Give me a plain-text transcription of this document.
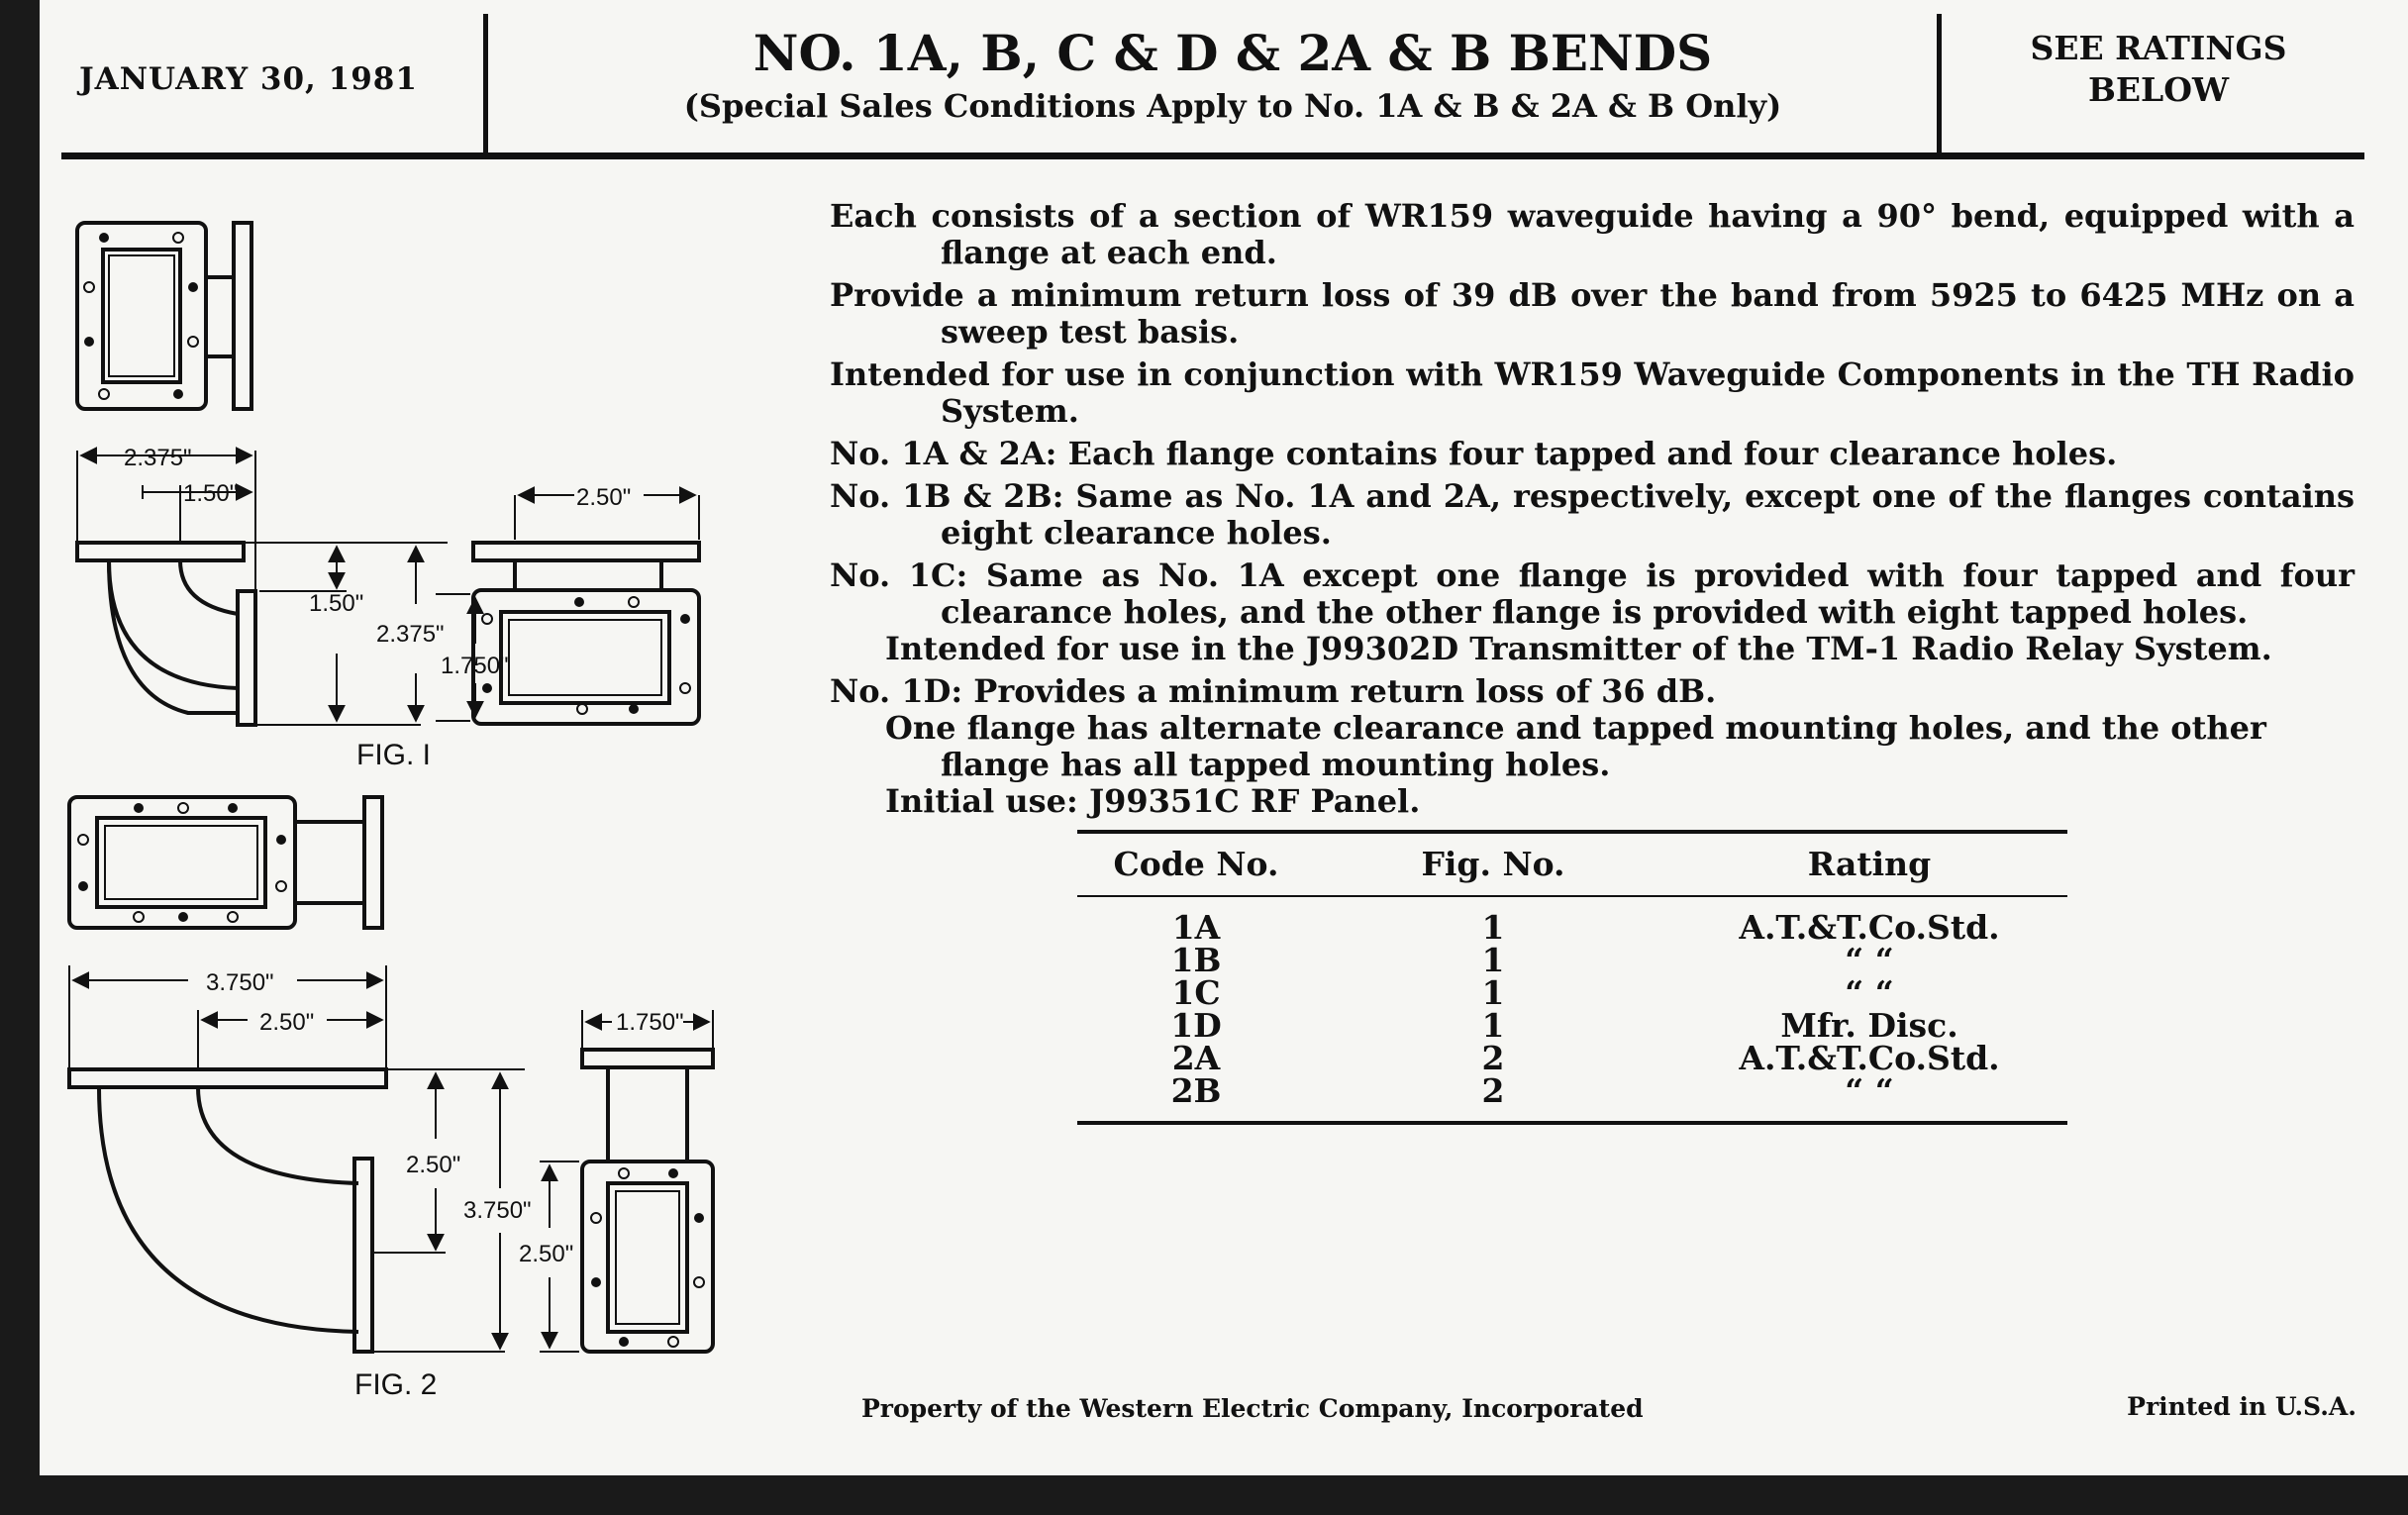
JANUARY 30, 1981	NO. 1A, B, C & D & 2A & B BENDS
(Special Sales Conditions Apply to No. 1A & B & 2A & B Only)
SEE RATINGS
BELOW
2.375"
1.50"	2.50"
1.50"
2.375"
1.750"
FIG. I
3.750"
2.50"	1.750"
2.50"
3.750"
2.50"
FIG. 2

Each consists of a section of WR159 waveguide having a 90° bend, equipped with a flange at each end.

Provide a minimum return loss of 39 dB over the band from 5925 to 6425 MHz on a sweep test basis.

Intended for use in conjunction with WR159 Waveguide Components in the TH Radio System.

No. 1A & 2A: Each flange contains four tapped and four clearance holes.

No. 1B & 2B: Same as No. 1A and 2A, respectively, except one of the flanges contains eight clearance holes.

No. 1C: Same as No. 1A except one flange is provided with four tapped and four clearance holes, and the other flange is provided with eight tapped holes.

Intended for use in the J99302D Transmitter of the TM-1 Radio Relay System.

No. 1D: Provides a minimum return loss of 36 dB.

One flange has alternate clearance and tapped mounting holes, and the other flange has all tapped mounting holes.

Initial use: J99351C RF Panel.

Code No.	Fig. No.	Rating
1A	1	A.T.&T.Co.Std.
1B	1	“ “
1C	1	“ “
1D	1	Mfr. Disc.
2A	2	A.T.&T.Co.Std.
2B	2	“ “
Property of the Western Electric Company, Incorporated	Printed in U.S.A.
